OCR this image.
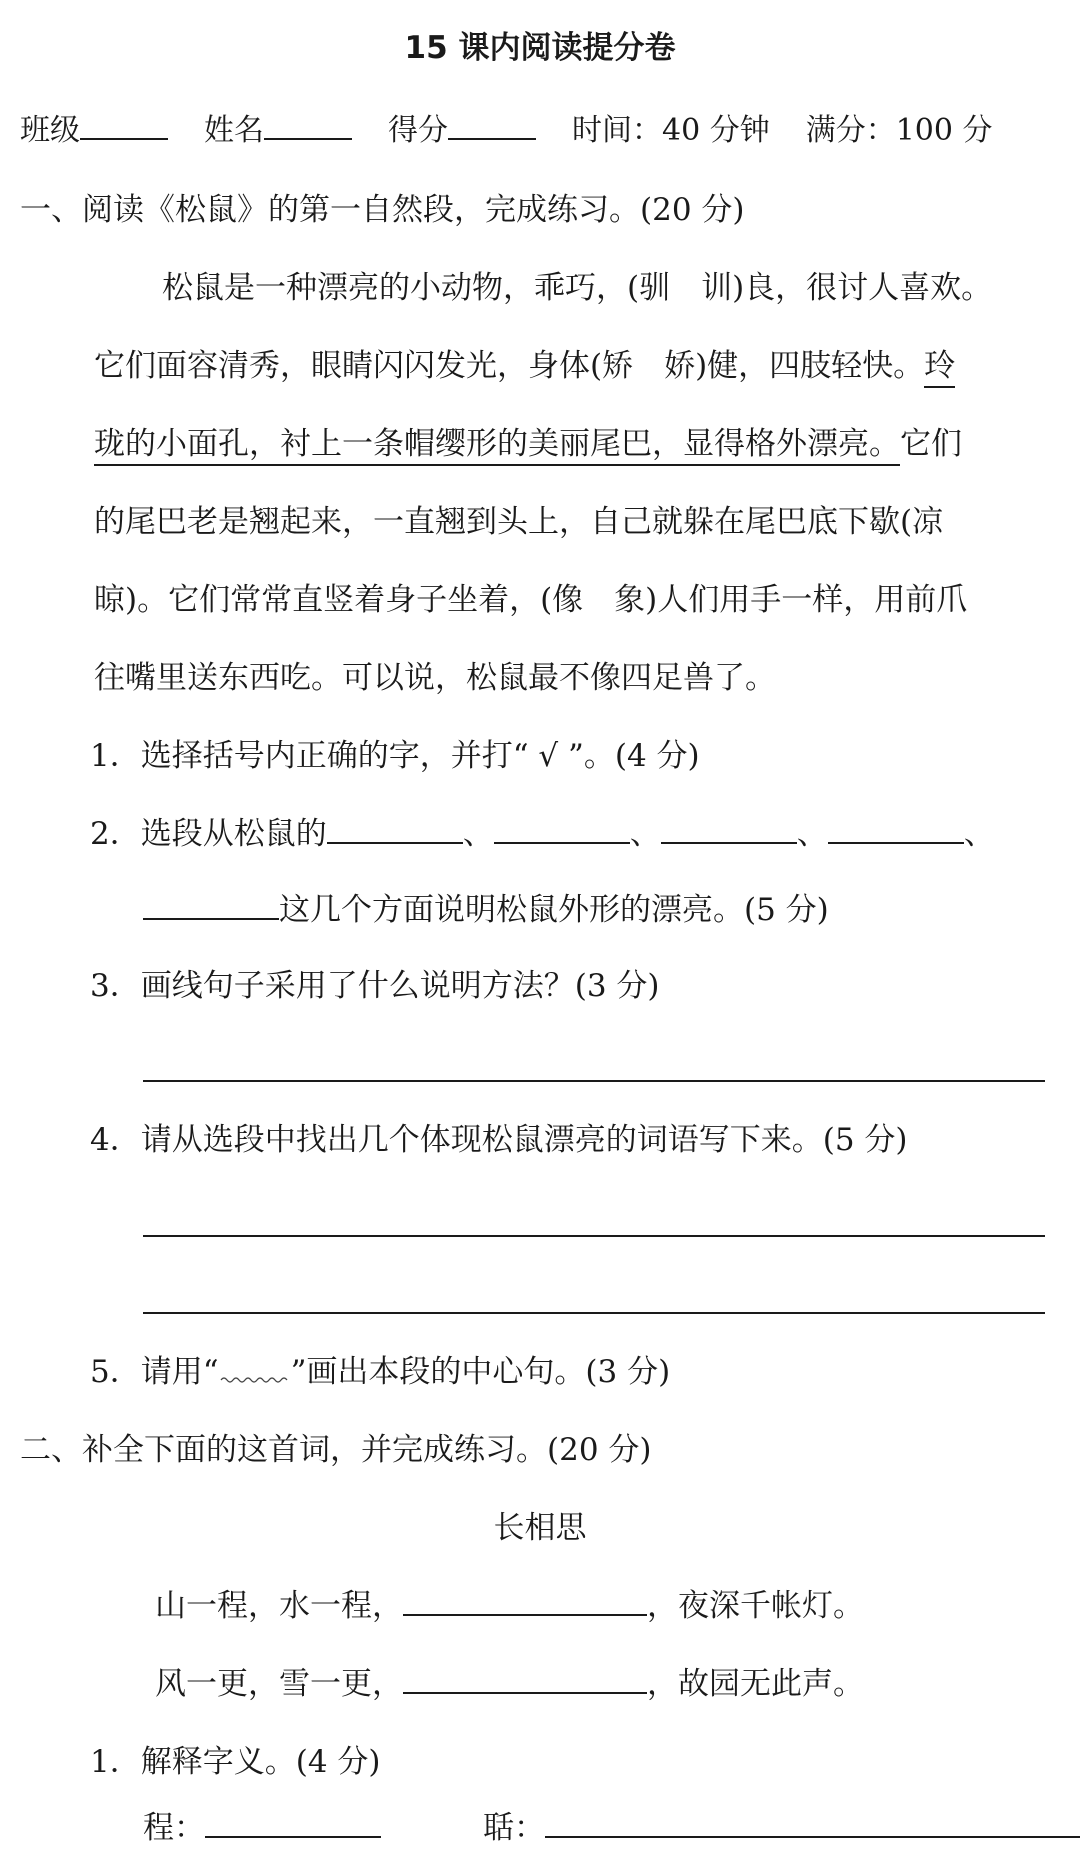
15 课内阅读提分卷
班级	姓名	得分	时间：40 分钟 满分：100 分
一、阅读《松鼠》的第一自然段，完成练习。(20 分)
松鼠是一种漂亮的小动物，乖巧，(驯　训)良，很讨人喜欢。
它们面容清秀，眼睛闪闪发光，身体(矫　娇)健，四肢轻快。玲
珑的小面孔，衬上一条帽缨形的美丽尾巴，显得格外漂亮。它们
的尾巴老是翘起来，一直翘到头上，自己就躲在尾巴底下歇(凉
晾)。它们常常直竖着身子坐着，(像　象)人们用手一样，用前爪
往嘴里送东西吃。可以说，松鼠最不像四足兽了。
1．选择括号内正确的字，并打“ √ ”。(4 分)
2．选段从松鼠的	、	、	、	、
这几个方面说明松鼠外形的漂亮。(5 分)
3．画线句子采用了什么说明方法？(3 分)
4．请从选段中找出几个体现松鼠漂亮的词语写下来。(5 分)
5．请用“ ”画出本段的中心句。(3 分)
二、补全下面的这首词，并完成练习。(20 分)
长相思
山一程，水一程，	，夜深千帐灯。
风一更，雪一更，	，故园无此声。
1．解释字义。(4 分)
程：	聒：
